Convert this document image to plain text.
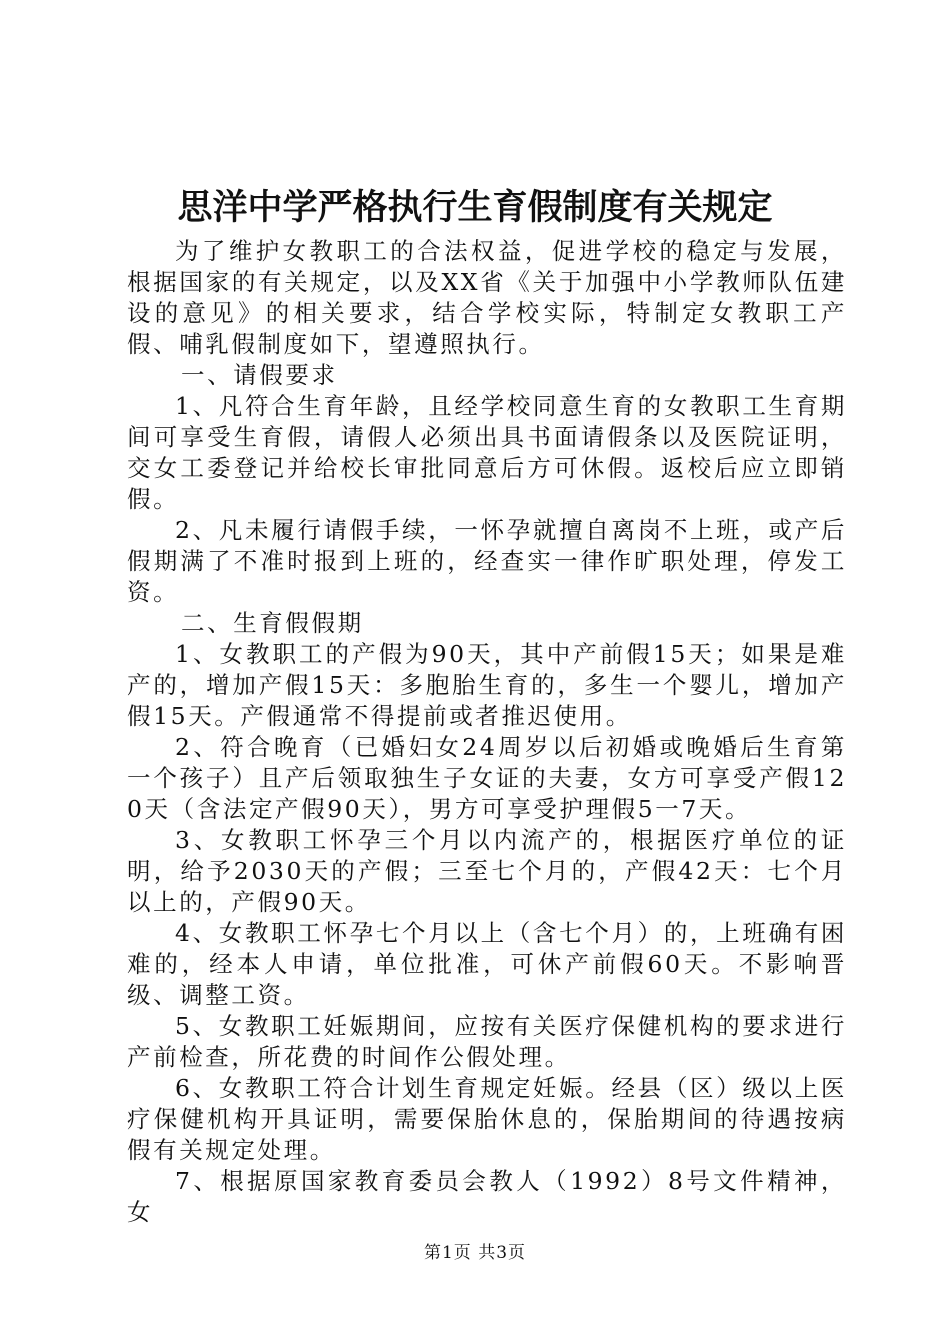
思洋中学严格执行生育假制度有关规定

为了维护女教职工的合法权益，促进学校的稳定与发展，根据国家的有关规定，以及XX省《关于加强中小学教师队伍建设的意见》的相关要求，结合学校实际，特制定女教职工产假、哺乳假制度如下，望遵照执行。

一、请假要求

1、凡符合生育年龄，且经学校同意生育的女教职工生育期间可享受生育假，请假人必须出具书面请假条以及医院证明，交女工委登记并给校长审批同意后方可休假。返校后应立即销假。

2、凡未履行请假手续，一怀孕就擅自离岗不上班，或产后假期满了不准时报到上班的，经查实一律作旷职处理，停发工资。

二、生育假假期

1、女教职工的产假为90天，其中产前假15天；如果是难产的，增加产假15天：多胞胎生育的，多生一个婴儿，增加产假15天。产假通常不得提前或者推迟使用。

2、符合晚育（已婚妇女24周岁以后初婚或晚婚后生育第一个孩子）且产后领取独生子女证的夫妻，女方可享受产假120天（含法定产假90天），男方可享受护理假5一7天。

3、女教职工怀孕三个月以内流产的，根据医疗单位的证明，给予2030天的产假；三至七个月的，产假42天：七个月以上的，产假90天。

4、女教职工怀孕七个月以上（含七个月）的，上班确有困难的，经本人申请，单位批准，可休产前假60天。不影响晋级、调整工资。

5、女教职工妊娠期间，应按有关医疗保健机构的要求进行产前检查，所花费的时间作公假处理。

6、女教职工符合计划生育规定妊娠。经县（区）级以上医疗保健机构开具证明，需要保胎休息的，保胎期间的待遇按病假有关规定处理。

7、根据原国家教育委员会教人（1992）8号文件精神，女

第1页 共3页
